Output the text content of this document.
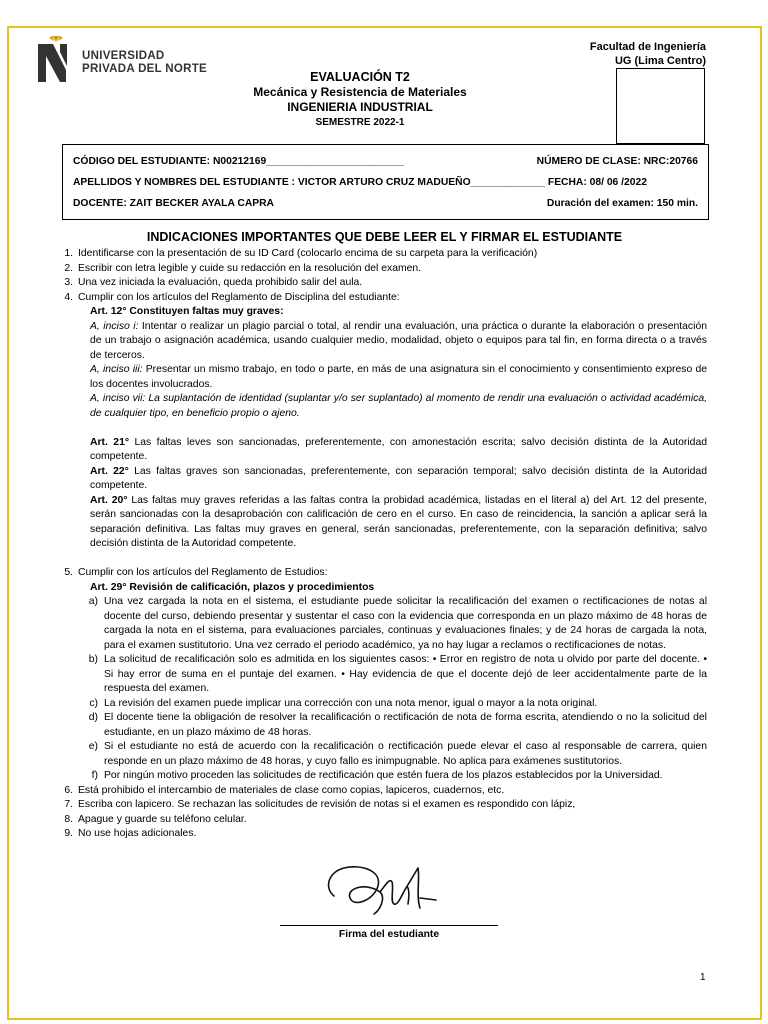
UNIVERSIDAD
PRIVADA DEL NORTE
Facultad de Ingeniería
UG (Lima Centro)
EVALUACIÓN T2
Mecánica y Resistencia de Materiales
INGENIERIA INDUSTRIAL
SEMESTRE 2022-1
CÓDIGO DEL ESTUDIANTE: N00212169________________________	NÚMERO DE CLASE: NRC:20766
APELLIDOS Y NOMBRES DEL ESTUDIANTE : VICTOR ARTURO CRUZ MADUEÑO_____________ FECHA: 08/ 06 /2022
DOCENTE: ZAIT BECKER AYALA CAPRA	Duración del examen: 150 min.
INDICACIONES IMPORTANTES QUE DEBE LEER EL Y FIRMAR EL ESTUDIANTE
1. Identificarse con la presentación de su ID Card (colocarlo encima de su carpeta para la verificación)
2. Escribir con letra legible y cuide su redacción en la resolución del examen.
3. Una vez iniciada la evaluación, queda prohibido salir del aula.
4. Cumplir con los artículos del Reglamento de Disciplina del estudiante:
Art. 12° Constituyen faltas muy graves:
A, inciso i: Intentar o realizar un plagio parcial o total, al rendir una evaluación, una práctica o durante la elaboración o presentación de un trabajo o asignación académica, usando cualquier medio, modalidad, objeto o equipos para tal fin, en forma directa o a través de terceros.
A, inciso iii: Presentar un mismo trabajo, en todo o parte, en más de una asignatura sin el conocimiento y consentimiento expreso de los docentes involucrados.
A, inciso vii: La suplantación de identidad (suplantar y/o ser suplantado) al momento de rendir una evaluación o actividad académica, de cualquier tipo, en beneficio propio o ajeno.
Art. 21° Las faltas leves son sancionadas, preferentemente, con amonestación escrita; salvo decisión distinta de la Autoridad competente.
Art. 22° Las faltas graves son sancionadas, preferentemente, con separación temporal; salvo decisión distinta de la Autoridad competente.
Art. 20° Las faltas muy graves referidas a las faltas contra la probidad académica, listadas en el literal a) del Art. 12 del presente, serán sancionadas con la desaprobación con calificación de cero en el curso. En caso de reincidencia, la sanción a aplicar será la separación definitiva. Las faltas muy graves en general, serán sancionadas, preferentemente, con la separación definitiva; salvo decisión distinta de la Autoridad competente.
5. Cumplir con los artículos del Reglamento de Estudios:
Art. 29° Revisión de calificación, plazos y procedimientos
a) Una vez cargada la nota en el sistema, el estudiante puede solicitar la recalificación del examen o rectificaciones de notas al docente del curso, debiendo presentar y sustentar el caso con la evidencia que corresponda en un plazo máximo de 48 horas de cargada la nota en el sistema, para evaluaciones parciales, continuas y evaluaciones finales; y de 24 horas de cargada la nota, para el examen sustitutorio. Una vez cerrado el periodo académico, ya no hay lugar a reclamos o rectificaciones de notas.
b) La solicitud de recalificación solo es admitida en los siguientes casos: • Error en registro de nota u olvido por parte del docente. • Si hay error de suma en el puntaje del examen. • Hay evidencia de que el docente dejó de leer accidentalmente parte de la respuesta del examen.
c) La revisión del examen puede implicar una corrección con una nota menor, igual o mayor a la nota original.
d) El docente tiene la obligación de resolver la recalificación o rectificación de nota de forma escrita, atendiendo o no la solicitud del estudiante, en un plazo máximo de 48 horas.
e) Si el estudiante no está de acuerdo con la recalificación o rectificación puede elevar el caso al responsable de carrera, quien responde en un plazo máximo de 48 horas, y cuyo fallo es inimpugnable. No aplica para exámenes sustitutorios.
f) Por ningún motivo proceden las solicitudes de rectificación que estén fuera de los plazos establecidos por la Universidad.
6. Está prohibido el intercambio de materiales de clase como copias, lapiceros, cuadernos, etc.
7. Escriba con lapicero. Se rechazan las solicitudes de revisión de notas si el examen es respondido con lápiz,
8. Apague y guarde su teléfono celular.
9. No use hojas adicionales.
Firma del estudiante
1
